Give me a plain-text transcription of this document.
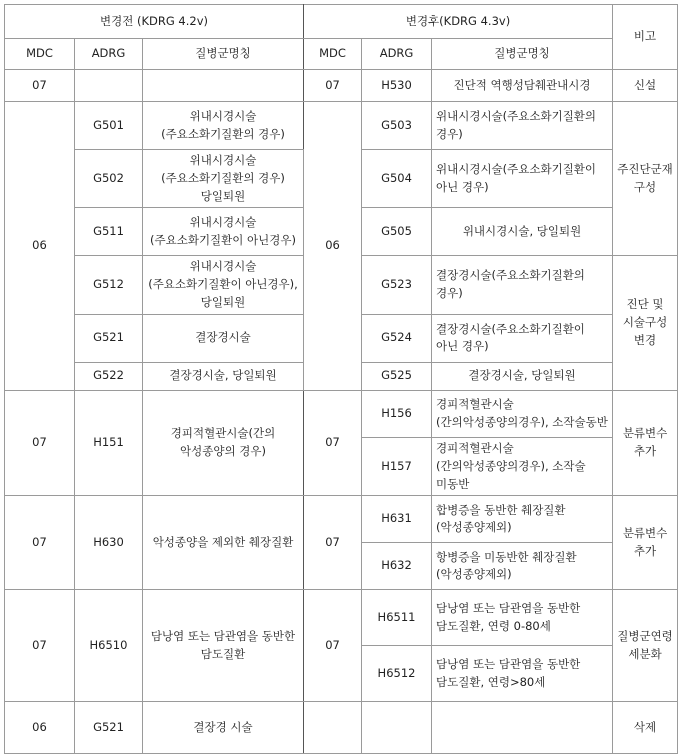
변경전 (KDRG 4.2v)			변경후(KDRG 4.3v)			비고
MDC	ADRG	질병군명칭	MDC	ADRG	질병군명칭	
07			07	H530	진단적 역행성담췌관내시경	신설
06	G501	위내시경시술(주요소화기질환의 경우)	06	G503	위내시경시술(주요소화기질환의 경우)	주진단군재구성
	G502	위내시경시술(주요소화기질환의 경우)당일퇴원		G504	위내시경시술(주요소화기질환이 아닌 경우)	
	G511	위내시경시술(주요소화기질환이 아닌경우)		G505	위내시경시술, 당일퇴원	
	G512	위내시경시술(주요소화기질환이 아닌경우),당일퇴원		G523	결장경시술(주요소화기질환의 경우)	진단 및 시술구성 변경
	G521	결장경시술		G524	결장경시술(주요소화기질환이 아닌 경우)	
	G522	결장경시술, 당일퇴원		G525	결장경시술, 당일퇴원	
07	H151	경피적혈관시술(간의 악성종양의 경우)	07	H156	경피적혈관시술(간의악성종양의경우), 소작술동반	분류변수 추가
				H157	경피적혈관시술(간의악성종양의경우), 소작술 미동반	
07	H630	악성종양을 제외한 췌장질환	07	H631	합병증을 동반한 췌장질환(악성종양제외)	분류변수 추가
				H632	항병증을 미동반한 췌장질환(악성종양제외)	
07	H6510	담낭염 또는 담관염을 동반한 담도질환	07	H6511	담낭염 또는 담관염을 동반한 담도질환, 연령 0-80세	질병군연령세분화
				H6512	담낭염 또는 담관염을 동반한 담도질환, 연령>80세	
06	G521	결장경 시술				삭제
